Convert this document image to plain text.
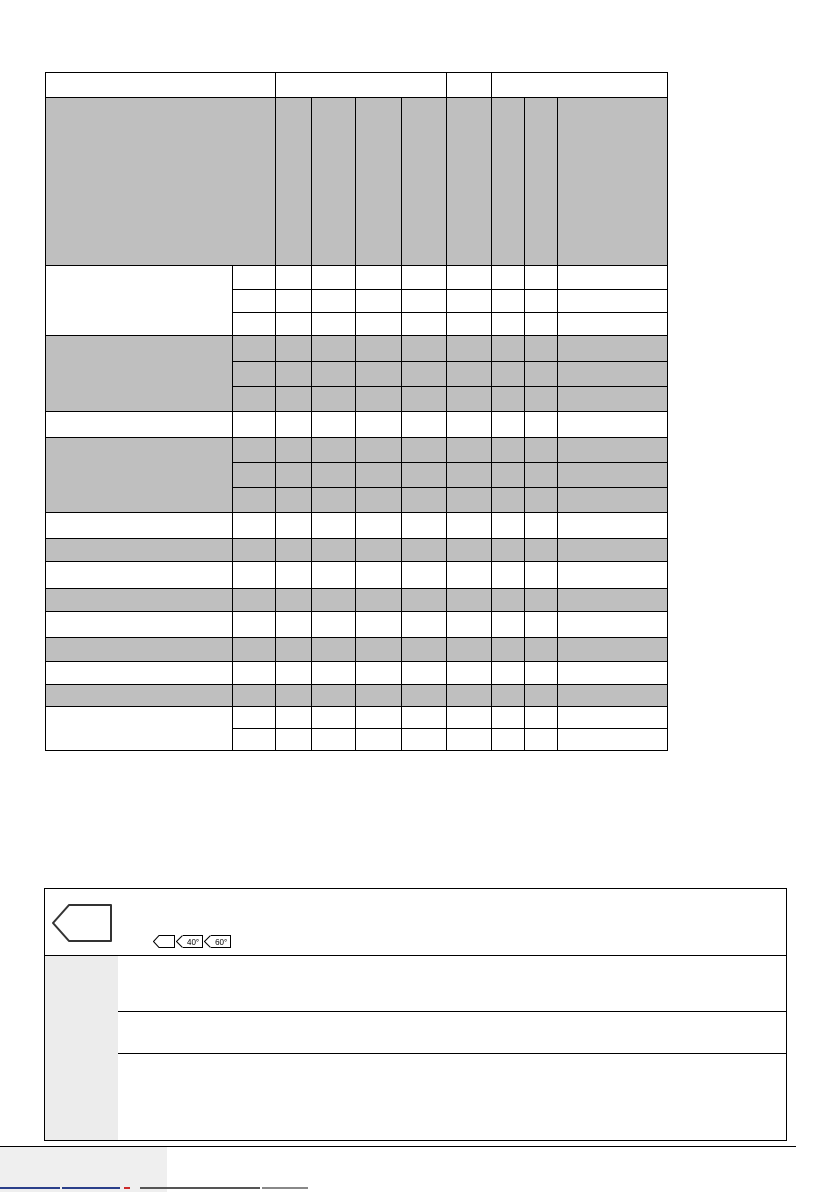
40°	60°
